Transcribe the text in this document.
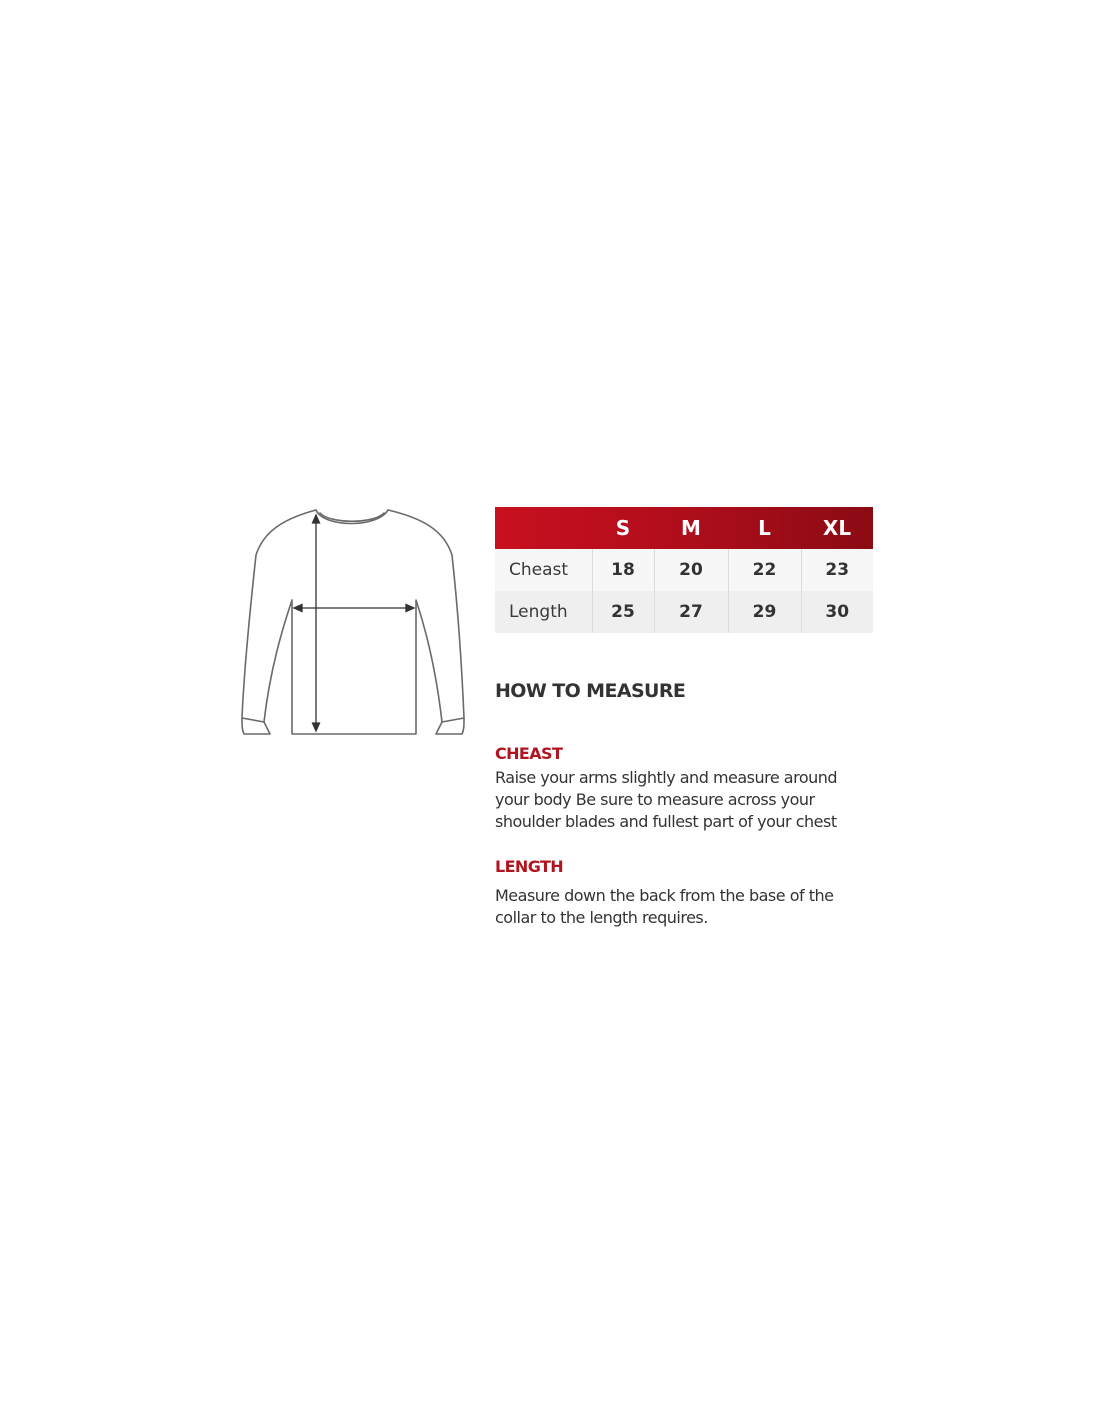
	S	M	L	XL
Cheast	18	20	22	23
Length	25	27	29	30
HOW TO MEASURE
CHEAST

Raise your arms slightly and measure around your body Be sure to measure across your shoulder blades and fullest part of your chest

LENGTH

Measure down the back from the base of the collar to the length requires.
